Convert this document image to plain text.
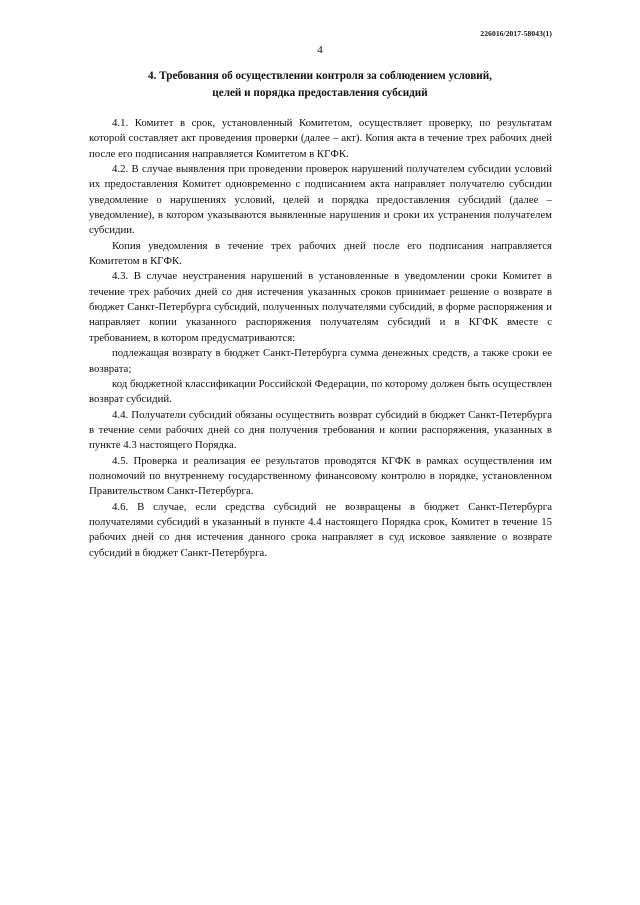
226016/2017-58043(1)
4
4. Требования об осуществлении контроля за соблюдением условий,
целей и порядка предоставления субсидий

4.1. Комитет в срок, установленный Комитетом, осуществляет проверку, по результатам которой составляет акт проведения проверки (далее – акт). Копия акта в течение трех рабочих дней после его подписания направляется Комитетом в КГФК.

4.2. В случае выявления при проведении проверок нарушений получателем субсидии условий их предоставления Комитет одновременно с подписанием акта направляет получателю субсидии уведомление о нарушениях условий, целей и порядка предоставления субсидий (далее – уведомление), в котором указываются выявленные нарушения и сроки их устранения получателем субсидии.

Копия уведомления в течение трех рабочих дней после его подписания направляется Комитетом в КГФК.

4.3. В случае неустранения нарушений в установленные в уведомлении сроки Комитет в течение трех рабочих дней со дня истечения указанных сроков принимает решение о возврате в бюджет Санкт-Петербурга субсидий, полученных получателями субсидий, в форме распоряжения и направляет копии указанного распоряжения получателям субсидий и в КГФК вместе с требованием, в котором предусматриваются:

подлежащая возврату в бюджет Санкт-Петербурга сумма денежных средств, а также сроки ее возврата;

код бюджетной классификации Российской Федерации, по которому должен быть осуществлен возврат субсидий.

4.4. Получатели субсидий обязаны осуществить возврат субсидий в бюджет Санкт-Петербурга в течение семи рабочих дней со дня получения требования и копии распоряжения, указанных в пункте 4.3 настоящего Порядка.

4.5. Проверка и реализация ее результатов проводятся КГФК в рамках осуществления им полномочий по внутреннему государственному финансовому контролю в порядке, установленном Правительством Санкт-Петербурга.

4.6. В случае, если средства субсидий не возвращены в бюджет Санкт-Петербурга получателями субсидий в указанный в пункте 4.4 настоящего Порядка срок, Комитет в течение 15 рабочих дней со дня истечения данного срока направляет в суд исковое заявление о возврате субсидий в бюджет Санкт-Петербурга.
